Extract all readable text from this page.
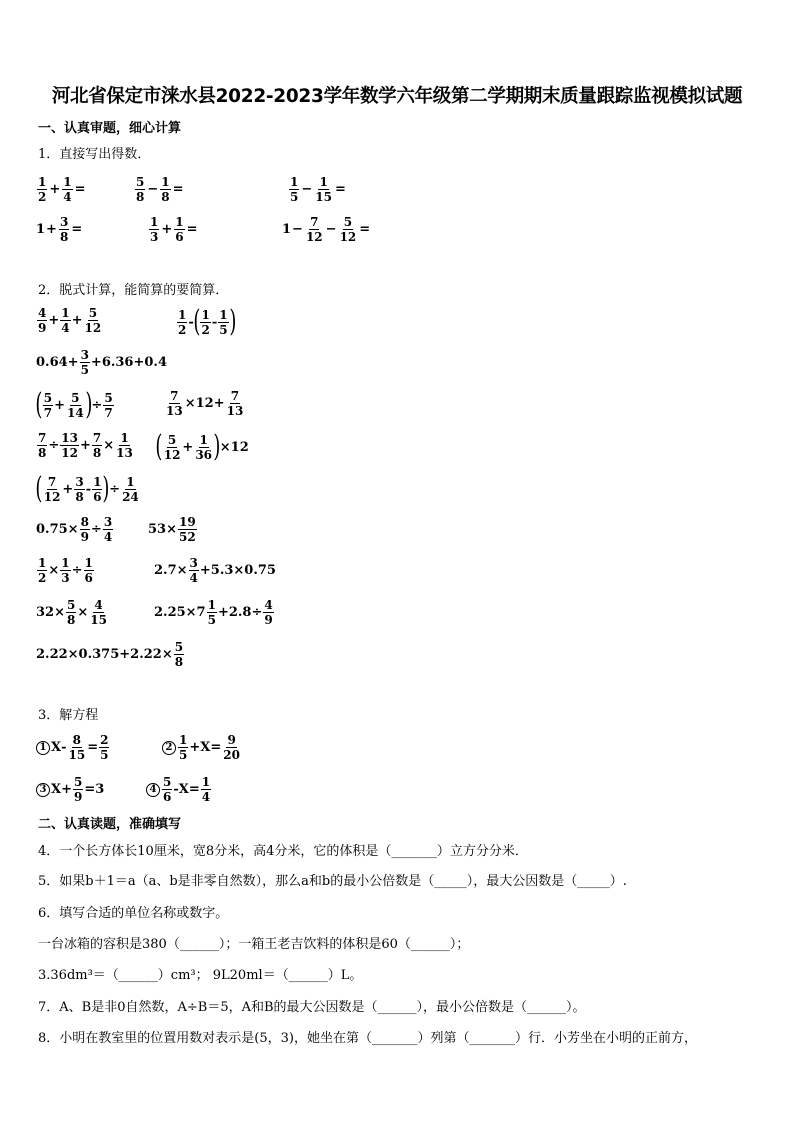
河北省保定市涞水县2022-2023学年数学六年级第二学期期末质量跟踪监视模拟试题
一、认真审题，细心计算
1．直接写出得数．
$\frac{1}{2} + \frac{1}{4}$ =	$\frac{5}{8} - \frac{1}{8}$ =	$\frac{1}{5} - \frac{1}{15}$ =
$1 + \frac{3}{8}$ =	$\frac{1}{3} + \frac{1}{6}$ =	$1 - \frac{7}{12} - \frac{5}{12}$ =
2．脱式计算，能简算的要简算．
$\frac{4}{9} + \frac{1}{4} + \frac{5}{12}$	$\frac{1}{2}$ - ( $\frac{1}{2} - \frac{1}{5}$ )
$0.64+ \frac{3}{5} +6.36+0.4$
( $\frac{5}{7} + \frac{5}{14}$ ) ÷ $\frac{5}{7}$	$\frac{7}{13} \times 12 + \frac{7}{13}$
$\frac{7}{8} \div \frac{13}{12} + \frac{7}{8} \times \frac{1}{13}$ ( $\frac{5}{12} + \frac{1}{36}$ ) ×12
( $\frac{7}{12} + \frac{3}{8} - \frac{1}{6}$ ) ÷ $\frac{1}{24}$
$0.75\times \frac{8}{9} \div \frac{3}{4}$	$53\times \frac{19}{52}$
$\frac{1}{2} \times \frac{1}{3} \div \frac{1}{6}$	$2.7\times \frac{3}{4} +5.3\times 0.75$
$32\times \frac{5}{8} \times \frac{4}{15}$	$2.25\times 7 \frac{1}{5} +2.8\div \frac{4}{9}$
$2.22\times 0.375+2.22\times \frac{5}{8}$
3．解方程
1 $X - \frac{8}{15} = \frac{2}{5}$	$2 \frac{1}{5} + X = \frac{9}{20}$
3 $X + \frac{5}{9} =3$	$4 \frac{5}{6} - X = \frac{1}{4}$
二、认真读题，准确填写
4．一个长方体长10厘米，宽8分米，高4分米，它的体积是（_______）立方分分米．
5．如果b＋1＝a（a、b是非零自然数），那么a和b的最小公倍数是（_____），最大公因数是（_____）.
6．填写合适的单位名称或数字。
一台冰箱的容积是380（______）；一箱王老吉饮料的体积是60（______）；
3.36dm³＝（______）cm³； 9L20ml＝（______）L。
7．A、B是非0自然数，A÷B＝5，A和B的最大公因数是（______），最小公倍数是（______）。
8．小明在教室里的位置用数对表示是(5，3)，她坐在第（_______）列第（_______）行．小芳坐在小明的正前方，
